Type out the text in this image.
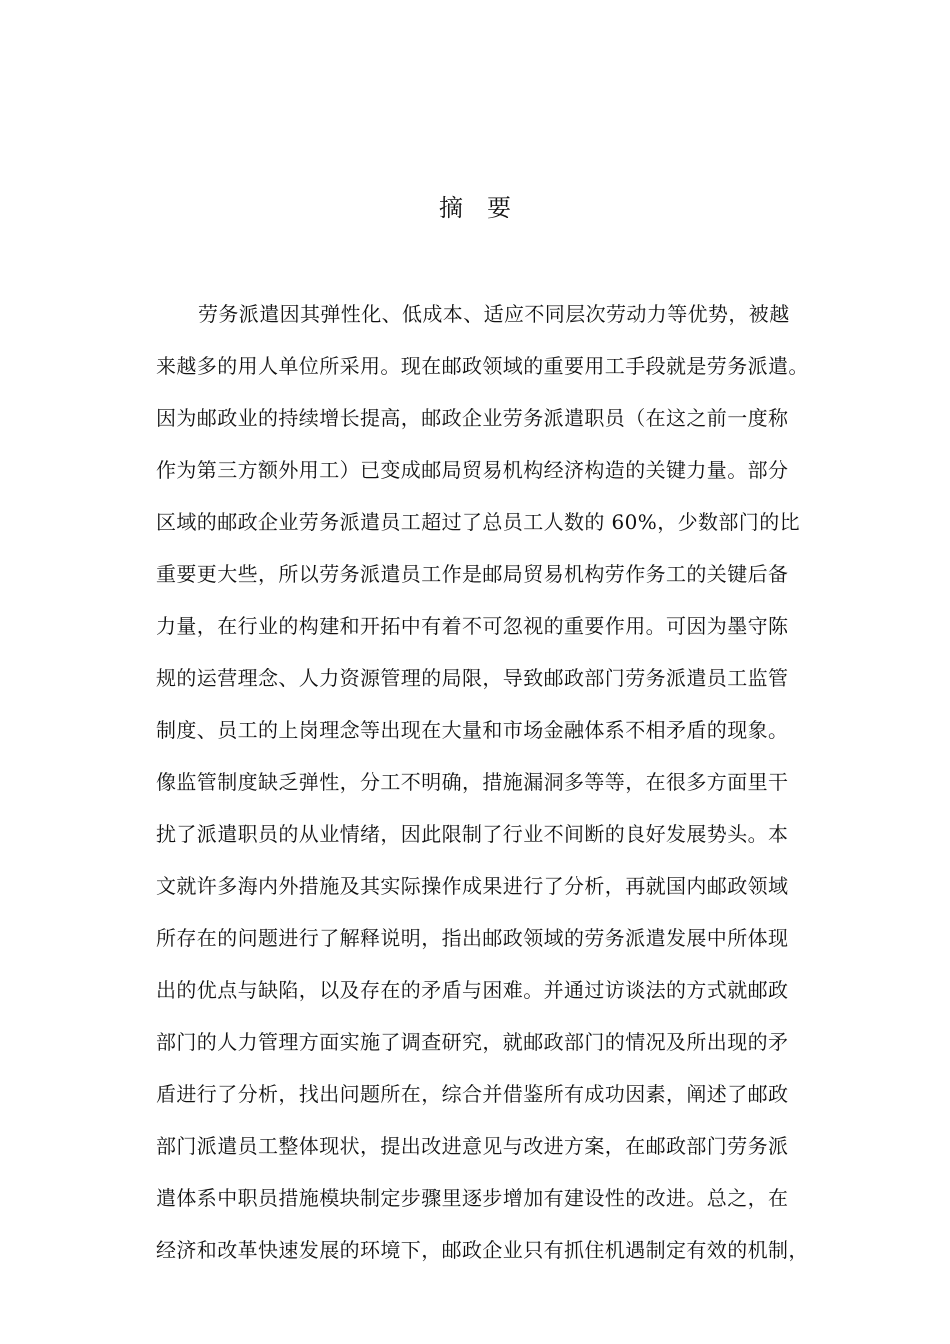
摘要
劳务派遣因其弹性化、低成本、适应不同层次劳动力等优势，被越
来越多的用人单位所采用。现在邮政领域的重要用工手段就是劳务派遣。
因为邮政业的持续增长提高，邮政企业劳务派遣职员（在这之前一度称
作为第三方额外用工）已变成邮局贸易机构经济构造的关键力量。部分
区域的邮政企业劳务派遣员工超过了总员工人数的 60%，少数部门的比
重要更大些，所以劳务派遣员工作是邮局贸易机构劳作务工的关键后备
力量，在行业的构建和开拓中有着不可忽视的重要作用。可因为墨守陈
规的运营理念、人力资源管理的局限，导致邮政部门劳务派遣员工监管
制度、员工的上岗理念等出现在大量和市场金融体系不相矛盾的现象。
像监管制度缺乏弹性，分工不明确，措施漏洞多等等，在很多方面里干
扰了派遣职员的从业情绪，因此限制了行业不间断的良好发展势头。本
文就许多海内外措施及其实际操作成果进行了分析，再就国内邮政领域
所存在的问题进行了解释说明，指出邮政领域的劳务派遣发展中所体现
出的优点与缺陷，以及存在的矛盾与困难。并通过访谈法的方式就邮政
部门的人力管理方面实施了调查研究，就邮政部门的情况及所出现的矛
盾进行了分析，找出问题所在，综合并借鉴所有成功因素，阐述了邮政
部门派遣员工整体现状，提出改进意见与改进方案，在邮政部门劳务派
遣体系中职员措施模块制定步骤里逐步增加有建设性的改进。总之，在
经济和改革快速发展的环境下，邮政企业只有抓住机遇制定有效的机制，
